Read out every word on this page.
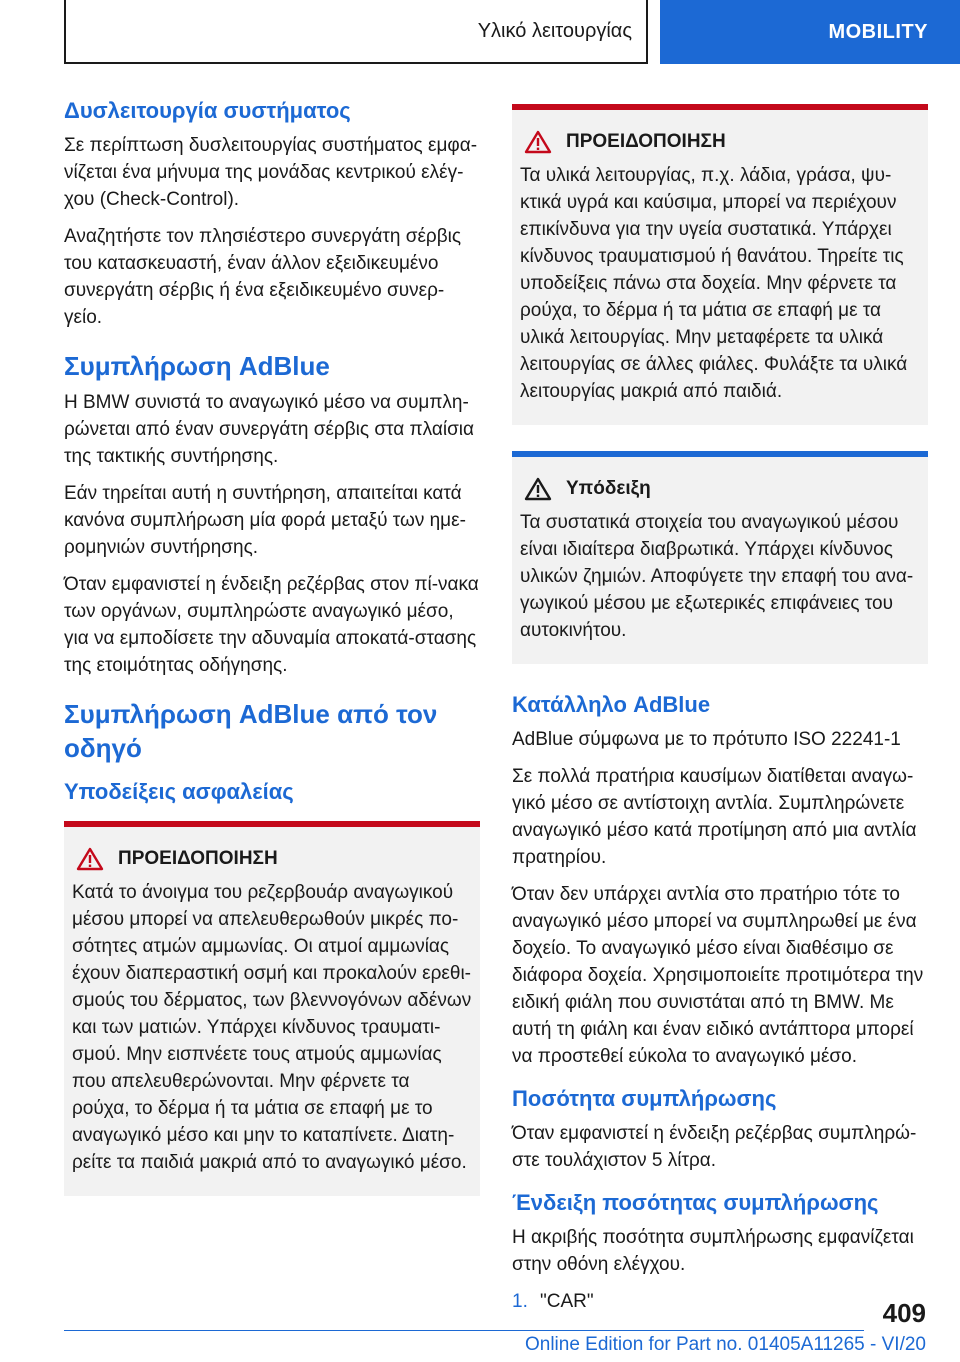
Υλικό λειτουργίας	MOBILITY
Δυσλειτουργία συστήματος

Σε περίπτωση δυσλειτουργίας συστήματος εμφα-νίζεται ένα μήνυμα της μονάδας κεντρικού ελέγ-χου (Check-Control).

Αναζητήστε τον πλησιέστερο συνεργάτη σέρβις του κατασκευαστή, έναν άλλον εξειδικευμένο συνεργάτη σέρβις ή ένα εξειδικευμένο συνερ-γείο.

Συμπλήρωση AdBlue

Η BMW συνιστά το αναγωγικό μέσο να συμπλη-ρώνεται από έναν συνεργάτη σέρβις στα πλαίσια της τακτικής συντήρησης.

Εάν τηρείται αυτή η συντήρηση, απαιτείται κατά κανόνα συμπλήρωση μία φορά μεταξύ των ημε-ρομηνιών συντήρησης.

Όταν εμφανιστεί η ένδειξη ρεζέρβας στον πί-νακα των οργάνων, συμπληρώστε αναγωγικό μέσο, για να εμποδίσετε την αδυναμία αποκατά-στασης της ετοιμότητας οδήγησης.

Συμπλήρωση AdBlue από τον οδηγό
Υποδείξεις ασφαλείας
ΠΡΟΕΙΔΟΠΟΙΗΣΗ

Κατά το άνοιγμα του ρεζερβουάρ αναγωγικού μέσου μπορεί να απελευθερωθούν μικρές πο-σότητες ατμών αμμωνίας. Οι ατμοί αμμωνίας έχουν διαπεραστική οσμή και προκαλούν ερεθι-σμούς του δέρματος, των βλεννογόνων αδένων και των ματιών. Υπάρχει κίνδυνος τραυματι-σμού. Μην εισπνέετε τους ατμούς αμμωνίας που απελευθερώνονται. Μην φέρνετε τα ρούχα, το δέρμα ή τα μάτια σε επαφή με το αναγωγικό μέσο και μην το καταπίνετε. Διατη-ρείτε τα παιδιά μακριά από το αναγωγικό μέσο.

ΠΡΟΕΙΔΟΠΟΙΗΣΗ

Τα υλικά λειτουργίας, π.χ. λάδια, γράσα, ψυ-κτικά υγρά και καύσιμα, μπορεί να περιέχουν επικίνδυνα για την υγεία συστατικά. Υπάρχει κίνδυνος τραυματισμού ή θανάτου. Τηρείτε τις υποδείξεις πάνω στα δοχεία. Μην φέρνετε τα ρούχα, το δέρμα ή τα μάτια σε επαφή με τα υλικά λειτουργίας. Μην μεταφέρετε τα υλικά λειτουργίας σε άλλες φιάλες. Φυλάξτε τα υλικά λειτουργίας μακριά από παιδιά.

Υπόδειξη

Τα συστατικά στοιχεία του αναγωγικού μέσου είναι ιδιαίτερα διαβρωτικά. Υπάρχει κίνδυνος υλικών ζημιών. Αποφύγετε την επαφή του ανα-γωγικού μέσου με εξωτερικές επιφάνειες του αυτοκινήτου.

Κατάλληλο AdBlue

AdBlue σύμφωνα με το πρότυπο ISO 22241-1

Σε πολλά πρατήρια καυσίμων διατίθεται αναγω-γικό μέσο σε αντίστοιχη αντλία. Συμπληρώνετε αναγωγικό μέσο κατά προτίμηση από μια αντλία πρατηρίου.

Όταν δεν υπάρχει αντλία στο πρατήριο τότε το αναγωγικό μέσο μπορεί να συμπληρωθεί με ένα δοχείο. Το αναγωγικό μέσο είναι διαθέσιμο σε διάφορα δοχεία. Χρησιμοποιείτε προτιμότερα την ειδική φιάλη που συνιστάται από τη BMW. Με αυτή τη φιάλη και έναν ειδικό αντάπτορα μπορεί να προστεθεί εύκολα το αναγωγικό μέσο.

Ποσότητα συμπλήρωσης

Όταν εμφανιστεί η ένδειξη ρεζέρβας συμπληρώ-στε τουλάχιστον 5 λίτρα.

Ένδειξη ποσότητας συμπλήρωσης

Η ακριβής ποσότητα συμπλήρωσης εμφανίζεται στην οθόνη ελέγχου.

1. "CAR"	409
Online Edition for Part no. 01405A11265 - VI/20
